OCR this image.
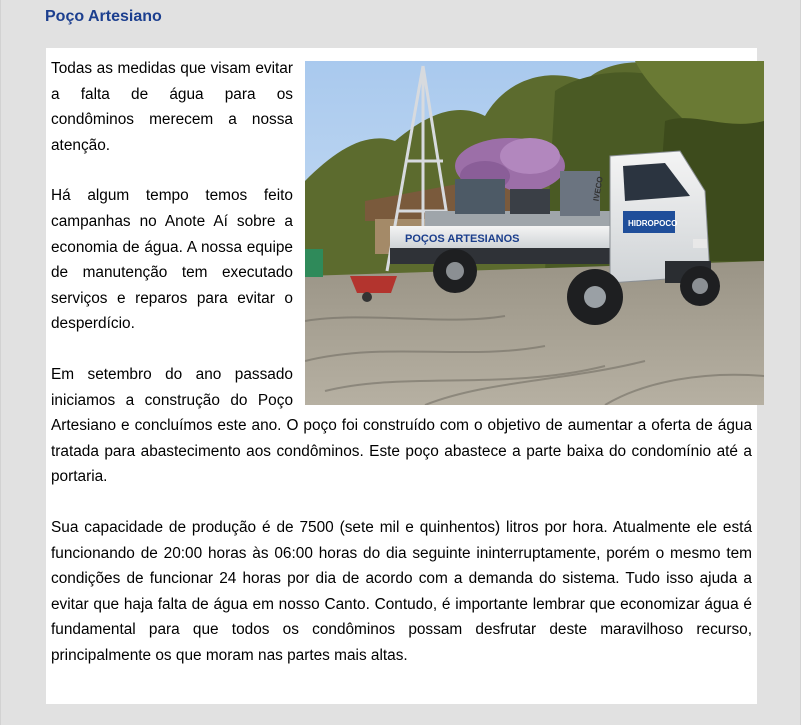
Poço Artesiano
POÇOS ARTESIANOS
HIDROPOCO
IVECO

Todas as medidas que visam evitar a falta de água para os condôminos merecem a nossa atenção.

Há algum tempo temos feito campanhas no Anote Aí sobre a economia de água. A nossa equipe de manutenção tem executado serviços e reparos para evitar o desperdício.

Em setembro do ano passado iniciamos a construção do Poço Artesiano e concluímos este ano. O poço foi construído com o objetivo de aumentar a oferta de água tratada para abastecimento aos condôminos. Este poço abastece a parte baixa do condomínio até a portaria.

Sua capacidade de produção é de 7500 (sete mil e quinhentos) litros por hora. Atualmente ele está funcionando de 20:00 horas às 06:00 horas do dia seguinte ininterruptamente, porém o mesmo tem condições de funcionar 24 horas por dia de acordo com a demanda do sistema. Tudo isso ajuda a evitar que haja falta de água em nosso Canto. Contudo, é importante lembrar que economizar água é fundamental para que todos os condôminos possam desfrutar deste maravilhoso recurso, principalmente os que moram nas partes mais altas.
